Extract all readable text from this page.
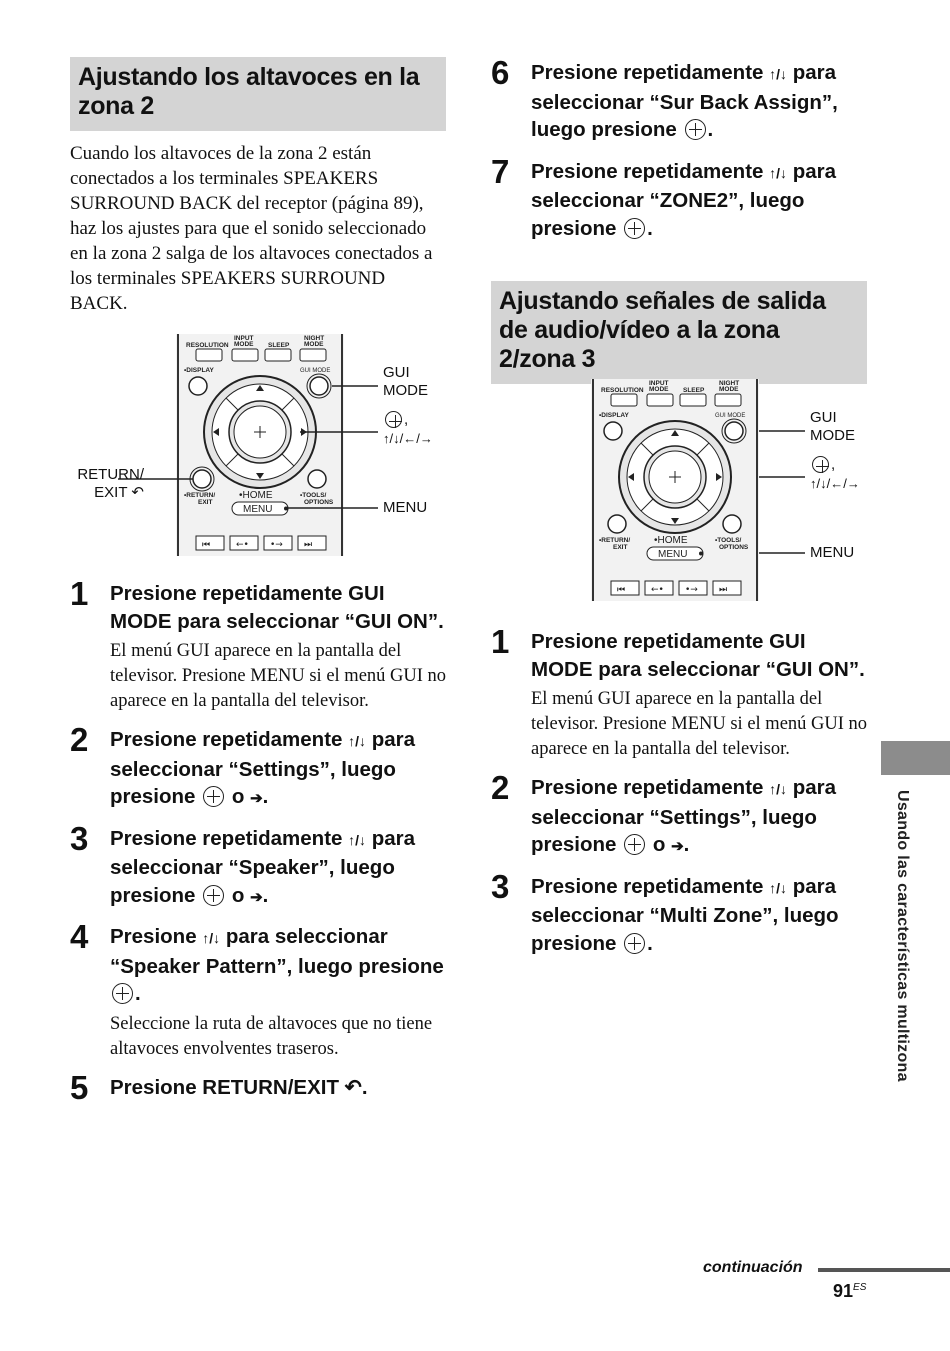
Ajustando los altavoces en la zona 2
Cuando los altavoces de la zona 2 están conectados a los terminales SPEAKERS SURROUND BACK del receptor (página 89), haz los ajustes para que el sonido seleccionado en la zona 2 salga de los altavoces conectados a los terminales SPEAKERS SURROUND BACK.
RESOLUTION
INPUT
MODE SLEEP
NIGHT
MODE
•DISPLAY	GUI MODE
•RETURN/
EXIT
•TOOLS/
OPTIONS
•HOME
MENU
⏮	←• •→ ⏭
GUI MODE
,
↑/↓/←/→
MENU
RETURN/ EXIT ↶
1 Presione repetidamente GUI MODE para seleccionar “GUI ON”.
El menú GUI aparece en la pantalla del televisor. Presione MENU si el menú GUI no aparece en la pantalla del televisor.
2 Presione repetidamente ↑/↓ para seleccionar “Settings”, luego presione  o ➔.
3 Presione repetidamente ↑/↓ para seleccionar “Speaker”, luego presione  o ➔.
4 Presione ↑/↓ para seleccionar “Speaker Pattern”, luego presione .
Seleccione la ruta de altavoces que no tiene altavoces envolventes traseros.
5 Presione RETURN/EXIT ↶.
6 Presione repetidamente ↑/↓ para seleccionar “Sur Back Assign”, luego presione .
7 Presione repetidamente ↑/↓ para seleccionar “ZONE2”, luego presione .
Ajustando señales de salida de audio/vídeo a la zona 2/zona 3
RESOLUTION
INPUT
MODE SLEEP
NIGHT
MODE
•DISPLAY	GUI MODE
•RETURN/
EXIT
•TOOLS/
OPTIONS
•HOME
MENU
⏮	←• •→ ⏭
GUI MODE
,
↑/↓/←/→
MENU
1 Presione repetidamente GUI MODE para seleccionar “GUI ON”.
El menú GUI aparece en la pantalla del televisor. Presione MENU si el menú GUI no aparece en la pantalla del televisor.
2 Presione repetidamente ↑/↓ para seleccionar “Settings”, luego presione  o ➔.
3 Presione repetidamente ↑/↓ para seleccionar “Multi Zone”, luego presione .	Usando las características multizona
continuación
$91^{ES}$
